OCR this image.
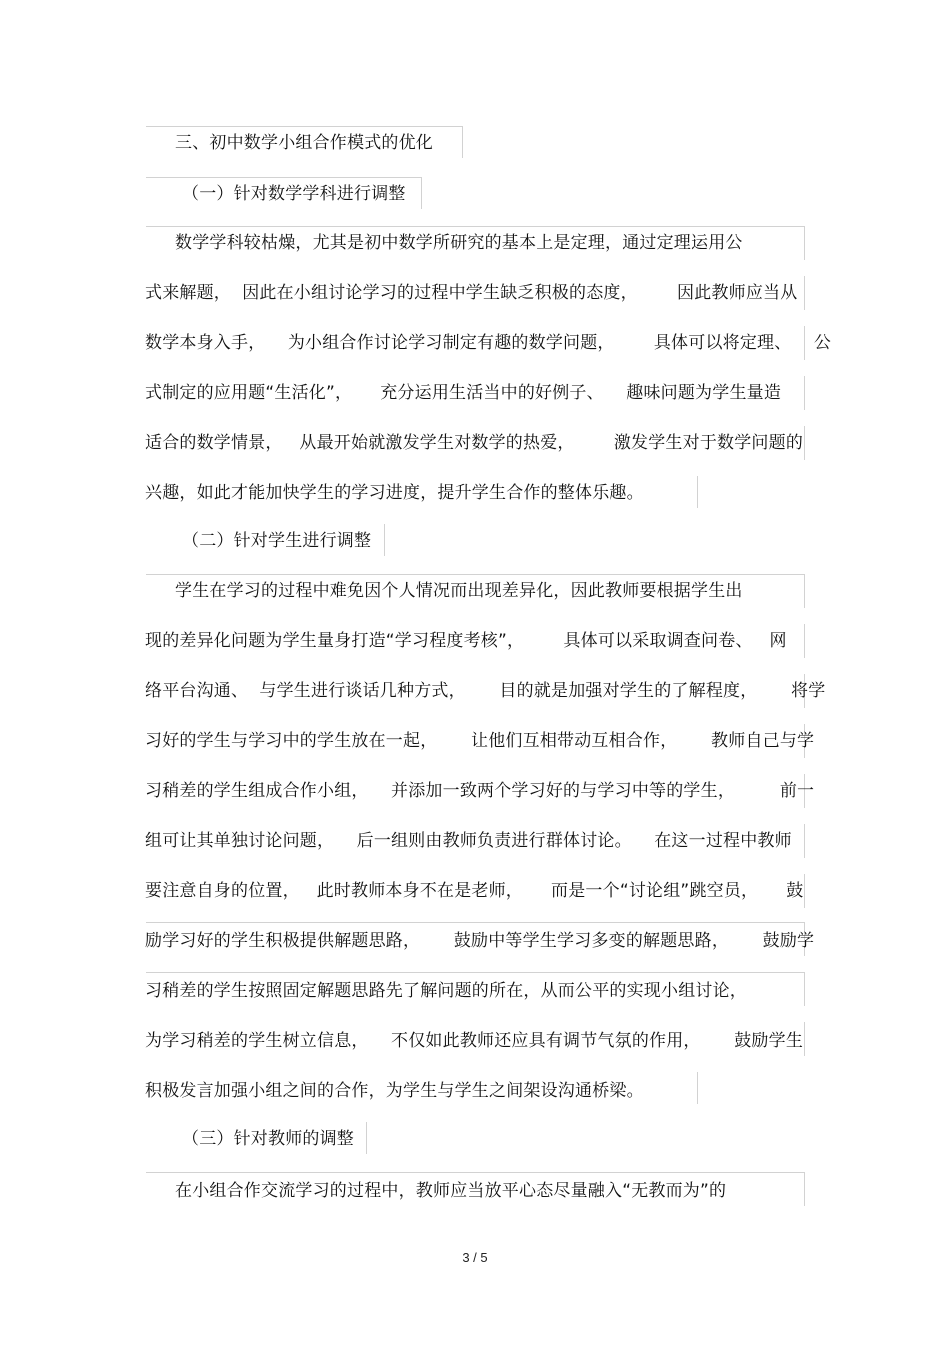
三、初中数学小组合作模式的优化
（一）针对数学学科进行调整
数学学科较枯燥，尤其是初中数学所研究的基本上是定理，通过定理运用公
式来解题，  因此在小组讨论学习的过程中学生缺乏积极的态度，       因此教师应当从
数学本身入手，    为小组合作讨论学习制定有趣的数学问题，       具体可以将定理、    公
式制定的应用题“生活化”，     充分运用生活当中的好例子、    趣味问题为学生量造
适合的数学情景，   从最开始就激发学生对数学的热爱，       激发学生对于数学问题的
兴趣，如此才能加快学生的学习进度，提升学生合作的整体乐趣。
（二）针对学生进行调整
学生在学习的过程中难免因个人情况而出现差异化，因此教师要根据学生出
现的差异化问题为学生量身打造“学习程度考核”，       具体可以采取调查问卷、   网
络平台沟通、  与学生进行谈话几种方式，      目的就是加强对学生的了解程度，      将学
习好的学生与学习中的学生放在一起，      让他们互相带动互相合作，      教师自己与学
习稍差的学生组成合作小组，    并添加一致两个学习好的与学习中等的学生，        前一
组可让其单独讨论问题，    后一组则由教师负责进行群体讨论。    在这一过程中教师
要注意自身的位置，   此时教师本身不在是老师，     而是一个“讨论组”跳空员，     鼓
励学习好的学生积极提供解题思路，      鼓励中等学生学习多变的解题思路，      鼓励学
习稍差的学生按照固定解题思路先了解问题的所在，从而公平的实现小组讨论，
为学习稍差的学生树立信息，    不仅如此教师还应具有调节气氛的作用，      鼓励学生
积极发言加强小组之间的合作，为学生与学生之间架设沟通桥梁。
（三）针对教师的调整
在小组合作交流学习的过程中，教师应当放平心态尽量融入“无教而为”的
3 / 5
